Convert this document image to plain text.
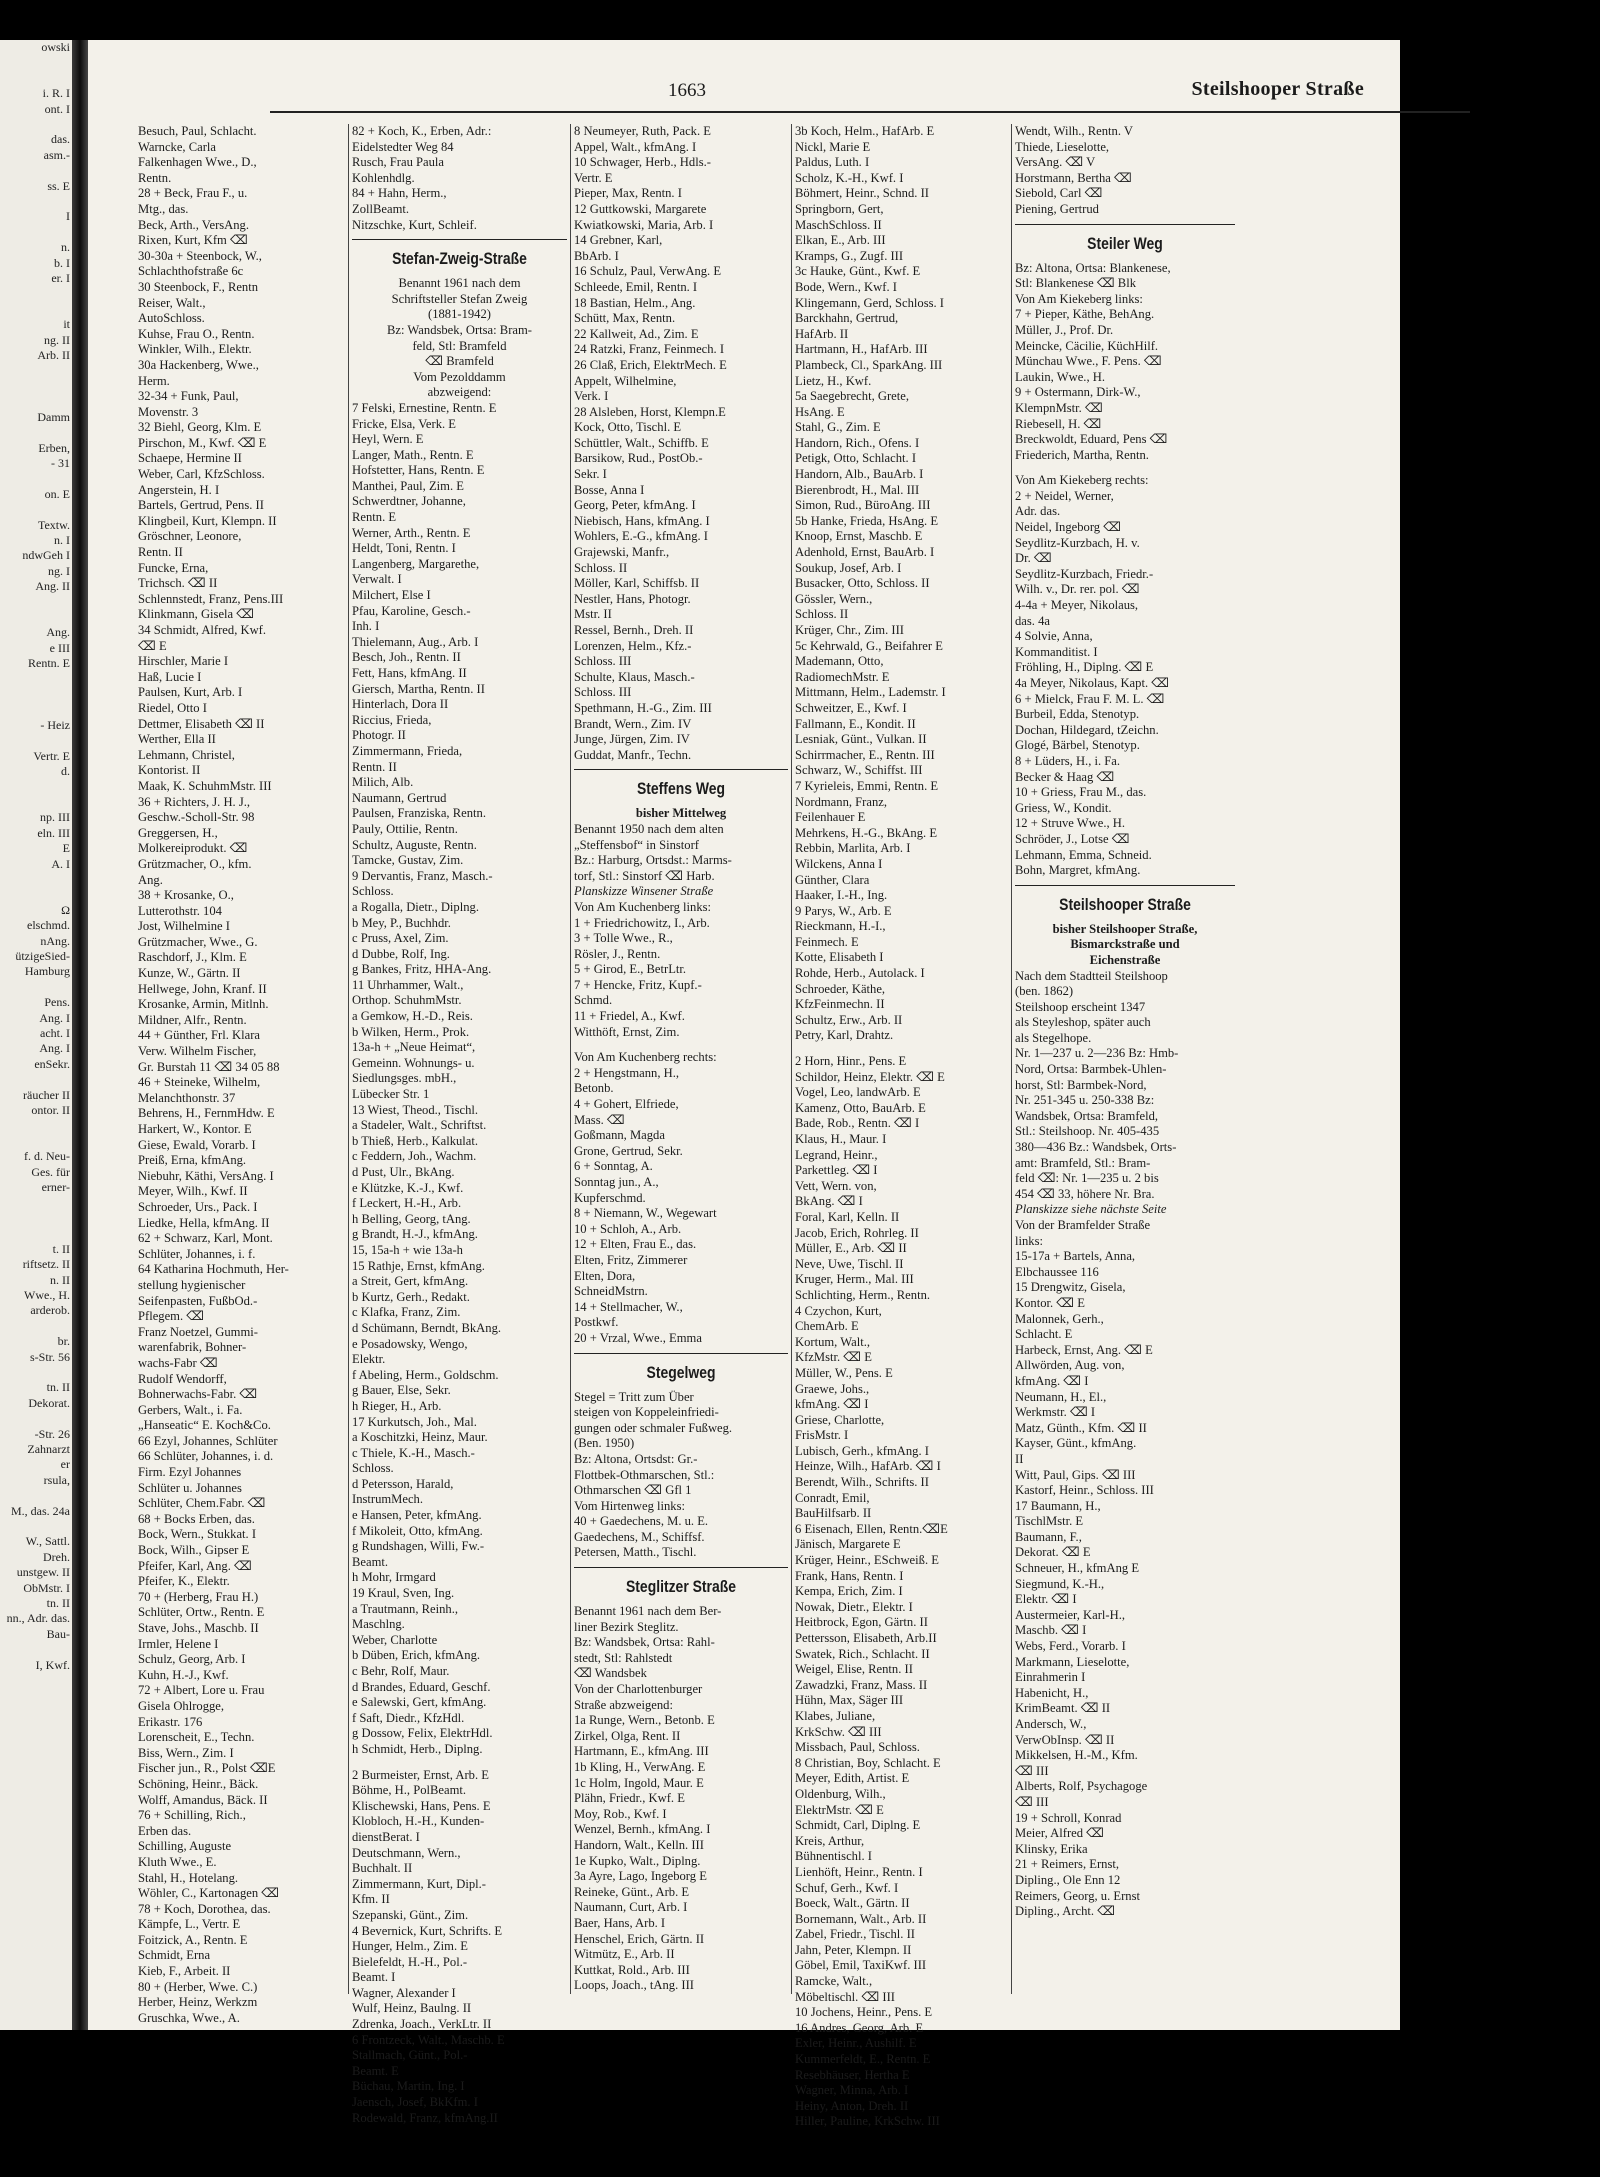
owski

i. R. I
ont. I

das.
asm.-

ss. E

I

n.
b. I
er. I

it
ng. II
Arb. II

Damm

Erben,
- 31

on. E

Textw.
n. I
ndwGeh I
ng. I
Ang. II

Ang.
e III
Rentn. E

- Heiz

Vertr. E
d.

np. III
eln. III
E
A. I

Ω
elschmd.
nAng.
ützigeSied-
Hamburg

Pens.
Ang. I
acht. I
Ang. I
enSekr.

räucher II
ontor. II

f. d. Neu-
Ges. für
erner-

t. II
riftsetz. II
n. II
Wwe., H.
arderob.

br.
s-Str. 56

tn. II
Dekorat.

-Str. 26
Zahnarzt
er
rsula,

M., das. 24a

W., Sattl.
Dreh.
unstgew. II
ObMstr. I
tn. II
nn., Adr. das.
Bau-

I, Kwf.
1663	Steilshooper Straße
Besuch, Paul, Schlacht.
Warncke, Carla
Falkenhagen Wwe., D.,
Rentn.
28 + Beck, Frau F., u.
Mtg., das.
Beck, Arth., VersAng.
Rixen, Kurt, Kfm ⌫
30-30a + Steenbock, W.,
Schlachthofstraße 6c
30 Steenbock, F., Rentn
Reiser, Walt.,
AutoSchloss.
Kuhse, Frau O., Rentn.
Winkler, Wilh., Elektr.
30a Hackenberg, Wwe.,
Herm.
32-34 + Funk, Paul,
Movenstr. 3
32 Biehl, Georg, Klm. E
Pirschon, M., Kwf. ⌫ E
Schaepe, Hermine II
Weber, Carl, KfzSchloss.
Angerstein, H. I
Bartels, Gertrud, Pens. II
Klingbeil, Kurt, Klempn. II
Gröschner, Leonore,
Rentn. II
Funcke, Erna,
Trichsch. ⌫ II
Schlennstedt, Franz, Pens.III
Klinkmann, Gisela ⌫
34 Schmidt, Alfred, Kwf.
⌫ E
Hirschler, Marie I
Haß, Lucie I
Paulsen, Kurt, Arb. I
Riedel, Otto I
Dettmer, Elisabeth ⌫ II
Werther, Ella II
Lehmann, Christel,
Kontorist. II
Maak, K. SchuhmMstr. III
36 + Richters, J. H. J.,
Geschw.-Scholl-Str. 98
Greggersen, H.,
Molkereiprodukt. ⌫
Grützmacher, O., kfm.
Ang.
38 + Krosanke, O.,
Lutterothstr. 104
Jost, Wilhelmine I
Grützmacher, Wwe., G.
Raschdorf, J., Klm. E
Kunze, W., Gärtn. II
Hellwege, John, Kranf. II
Krosanke, Armin, Mitlnh.
Mildner, Alfr., Rentn.
44 + Günther, Frl. Klara
Verw. Wilhelm Fischer,
Gr. Burstah 11 ⌫ 34 05 88
46 + Steineke, Wilhelm,
Melanchthonstr. 37
Behrens, H., FernmHdw. E
Harkert, W., Kontor. E
Giese, Ewald, Vorarb. I
Preiß, Erna, kfmAng.
Niebuhr, Käthi, VersAng. I
Meyer, Wilh., Kwf. II
Schroeder, Urs., Pack. I
Liedke, Hella, kfmAng. II
62 + Schwarz, Karl, Mont.
Schlüter, Johannes, i. f.
64 Katharina Hochmuth, Her-
stellung hygienischer
Seifenpasten, FußbOd.-
Pflegem. ⌫
Franz Noetzel, Gummi-
warenfabrik, Bohner-
wachs-Fabr ⌫
Rudolf Wendorff,
Bohnerwachs-Fabr. ⌫
Gerbers, Walt., i. Fa.
„Hanseatic“ E. Koch&Co.
66 Ezyl, Johannes, Schlüter
66 Schlüter, Johannes, i. d.
Firm. Ezyl Johannes
Schlüter u. Johannes
Schlüter, Chem.Fabr. ⌫
68 + Bocks Erben, das.
Bock, Wern., Stukkat. I
Bock, Wilh., Gipser E
Pfeifer, Karl, Ang. ⌫
Pfeifer, K., Elektr.
70 + (Herberg, Frau H.)
Schlüter, Ortw., Rentn. E
Stave, Johs., Maschb. II
Irmler, Helene I
Schulz, Georg, Arb. I
Kuhn, H.-J., Kwf.
72 + Albert, Lore u. Frau
Gisela Ohlrogge,
Erikastr. 176
Lorenscheit, E., Techn.
Biss, Wern., Zim. I
Fischer jun., R., Polst ⌫E
Schöning, Heinr., Bäck.
Wolff, Amandus, Bäck. II
76 + Schilling, Rich.,
Erben das.
Schilling, Auguste
Kluth Wwe., E.
Stahl, H., Hotelang.
Wöhler, C., Kartonagen ⌫
78 + Koch, Dorothea, das.
Kämpfe, L., Vertr. E
Foitzick, A., Rentn. E
Schmidt, Erna
Kieb, F., Arbeit. II
80 + (Herber, Wwe. C.)
Herber, Heinz, Werkzm
Gruschka, Wwe., A.
82 + Koch, K., Erben, Adr.:
Eidelstedter Weg 84
Rusch, Frau Paula
Kohlenhdlg.
84 + Hahn, Herm.,
ZollBeamt.
Nitzschke, Kurt, Schleif.
Stefan-Zweig-Straße
Benannt 1961 nach dem
Schriftsteller Stefan Zweig
(1881-1942)
Bz: Wandsbek, Ortsa: Bram-
feld, Stl: Bramfeld
⌫ Bramfeld
Vom Pezolddamm
abzweigend:
7 Felski, Ernestine, Rentn. E
Fricke, Elsa, Verk. E
Heyl, Wern. E
Langer, Math., Rentn. E
Hofstetter, Hans, Rentn. E
Manthei, Paul, Zim. E
Schwerdtner, Johanne,
Rentn. E
Werner, Arth., Rentn. E
Heldt, Toni, Rentn. I
Langenberg, Margarethe,
Verwalt. I
Milchert, Else I
Pfau, Karoline, Gesch.-
Inh. I
Thielemann, Aug., Arb. I
Besch, Joh., Rentn. II
Fett, Hans, kfmAng. II
Giersch, Martha, Rentn. II
Hinterlach, Dora II
Riccius, Frieda,
Photogr. II
Zimmermann, Frieda,
Rentn. II
Milich, Alb.
Naumann, Gertrud
Paulsen, Franziska, Rentn.
Pauly, Ottilie, Rentn.
Schultz, Auguste, Rentn.
Tamcke, Gustav, Zim.
9 Dervantis, Franz, Masch.-
Schloss.
a Rogalla, Dietr., Diplng.
b Mey, P., Buchhdr.
c Pruss, Axel, Zim.
d Dubbe, Rolf, Ing.
g Bankes, Fritz, HHA-Ang.
11 Uhrhammer, Walt.,
Orthop. SchuhmMstr.
a Gemkow, H.-D., Reis.
b Wilken, Herm., Prok.
13a-h + „Neue Heimat“,
Gemeinn. Wohnungs- u.
Siedlungsges. mbH.,
Lübecker Str. 1
13 Wiest, Theod., Tischl.
a Stadeler, Walt., Schriftst.
b Thieß, Herb., Kalkulat.
c Feddern, Joh., Wachm.
d Pust, Ulr., BkAng.
e Klützke, K.-J., Kwf.
f Leckert, H.-H., Arb.
h Belling, Georg, tAng.
g Brandt, H.-J., kfmAng.
15, 15a-h + wie 13a-h
15 Rathje, Ernst, kfmAng.
a Streit, Gert, kfmAng.
b Kurtz, Gerh., Redakt.
c Klafka, Franz, Zim.
d Schümann, Berndt, BkAng.
e Posadowsky, Wengo,
Elektr.
f Abeling, Herm., Goldschm.
g Bauer, Else, Sekr.
h Rieger, H., Arb.
17 Kurkutsch, Joh., Mal.
a Koschitzki, Heinz, Maur.
c Thiele, K.-H., Masch.-
Schloss.
d Petersson, Harald,
InstrumMech.
e Hansen, Peter, kfmAng.
f Mikoleit, Otto, kfmAng.
g Rundshagen, Willi, Fw.-
Beamt.
h Mohr, Irmgard
19 Kraul, Sven, Ing.
a Trautmann, Reinh.,
Maschlng.
Weber, Charlotte
b Düben, Erich, kfmAng.
c Behr, Rolf, Maur.
d Brandes, Eduard, Geschf.
e Salewski, Gert, kfmAng.
f Saft, Diedr., KfzHdl.
g Dossow, Felix, ElektrHdl.
h Schmidt, Herb., Diplng.
2 Burmeister, Ernst, Arb. E
Böhme, H., PolBeamt.
Klischewski, Hans, Pens. E
Klobloch, H.-H., Kunden-
dienstBerat. I
Deutschmann, Wern.,
Buchhalt. II
Zimmermann, Kurt, Dipl.-
Kfm. II
Szepanski, Günt., Zim.
4 Bevernick, Kurt, Schrifts. E
Hunger, Helm., Zim. E
Bielefeldt, H.-H., Pol.-
Beamt. I
Wagner, Alexander I
Wulf, Heinz, Baulng. II
Zdrenka, Joach., VerkLtr. II
6 Frontzeck, Walt., Maschb. E
Stallmach, Günt., Pol.-
Beamt. E
Büchau, Martin, Ing. I
Jaensch, Josef, BkKfm. I
Rodewald, Franz, kfmAng.II
8 Neumeyer, Ruth, Pack. E
Appel, Walt., kfmAng. I
10 Schwager, Herb., Hdls.-
Vertr. E
Pieper, Max, Rentn. I
12 Guttkowski, Margarete
Kwiatkowski, Maria, Arb. I
14 Grebner, Karl,
BbArb. I
16 Schulz, Paul, VerwAng. E
Schleede, Emil, Rentn. I
18 Bastian, Helm., Ang.
Schütt, Max, Rentn.
22 Kallweit, Ad., Zim. E
24 Ratzki, Franz, Feinmech. I
26 Claß, Erich, ElektrMech. E
Appelt, Wilhelmine,
Verk. I
28 Alsleben, Horst, Klempn.E
Kock, Otto, Tischl. E
Schüttler, Walt., Schiffb. E
Barsikow, Rud., PostOb.-
Sekr. I
Bosse, Anna I
Georg, Peter, kfmAng. I
Niebisch, Hans, kfmAng. I
Wohlers, E.-G., kfmAng. I
Grajewski, Manfr.,
Schloss. II
Möller, Karl, Schiffsb. II
Nestler, Hans, Photogr.
Mstr. II
Ressel, Bernh., Dreh. II
Lorenzen, Helm., Kfz.-
Schloss. III
Schulte, Klaus, Masch.-
Schloss. III
Spethmann, H.-G., Zim. III
Brandt, Wern., Zim. IV
Junge, Jürgen, Zim. IV
Guddat, Manfr., Techn.
Steffens Weg
bisher Mittelweg
Benannt 1950 nach dem alten
„Steffensbof“ in Sinstorf
Bz.: Harburg, Ortsdst.: Marms-
torf, Stl.: Sinstorf ⌫ Harb.
Planskizze Winsener Straße
Von Am Kuchenberg links:
1 + Friedrichowitz, I., Arb.
3 + Tolle Wwe., R.,
Rösler, J., Rentn.
5 + Girod, E., BetrLtr.
7 + Hencke, Fritz, Kupf.-
Schmd.
11 + Friedel, A., Kwf.
Witthöft, Ernst, Zim.
Von Am Kuchenberg rechts:
2 + Hengstmann, H.,
Betonb.
4 + Gohert, Elfriede,
Mass. ⌫
Goßmann, Magda
Grone, Gertrud, Sekr.
6 + Sonntag, A.
Sonntag jun., A.,
Kupferschmd.
8 + Niemann, W., Wegewart
10 + Schloh, A., Arb.
12 + Elten, Frau E., das.
Elten, Fritz, Zimmerer
Elten, Dora,
SchneidMstrn.
14 + Stellmacher, W.,
Postkwf.
20 + Vrzal, Wwe., Emma
Stegelweg
Stegel = Tritt zum Über
steigen von Koppeleinfriedi-
gungen oder schmaler Fußweg.
(Ben. 1950)
Bz: Altona, Ortsdst: Gr.-
Flottbek-Othmarschen, Stl.:
Othmarschen ⌫ Gfl 1
Vom Hirtenweg links:
40 + Gaedechens, M. u. E.
Gaedechens, M., Schiffsf.
Petersen, Matth., Tischl.
Steglitzer Straße
Benannt 1961 nach dem Ber-
liner Bezirk Steglitz.
Bz: Wandsbek, Ortsa: Rahl-
stedt, Stl: Rahlstedt
⌫ Wandsbek
Von der Charlottenburger
Straße abzweigend:
1a Runge, Wern., Betonb. E
Zirkel, Olga, Rent. II
Hartmann, E., kfmAng. III
1b Kling, H., VerwAng. E
1c Holm, Ingold, Maur. E
Plähn, Friedr., Kwf. E
Moy, Rob., Kwf. I
Wenzel, Bernh., kfmAng. I
Handorn, Walt., Kelln. III
1e Kupko, Walt., Diplng.
3a Ayre, Lago, Ingeborg E
Reineke, Günt., Arb. E
Naumann, Curt, Arb. I
Baer, Hans, Arb. I
Henschel, Erich, Gärtn. II
Witmütz, E., Arb. II
Kuttkat, Rold., Arb. III
Loops, Joach., tAng. III
3b Koch, Helm., HafArb. E
Nickl, Marie E
Paldus, Luth. I
Scholz, K.-H., Kwf. I
Böhmert, Heinr., Schnd. II
Springborn, Gert,
MaschSchloss. II
Elkan, E., Arb. III
Kramps, G., Zugf. III
3c Hauke, Günt., Kwf. E
Bode, Wern., Kwf. I
Klingemann, Gerd, Schloss. I
Barckhahn, Gertrud,
HafArb. II
Hartmann, H., HafArb. III
Plambeck, Cl., SparkAng. III
Lietz, H., Kwf.
5a Saegebrecht, Grete,
HsAng. E
Stahl, G., Zim. E
Handorn, Rich., Ofens. I
Petigk, Otto, Schlacht. I
Handorn, Alb., BauArb. I
Bierenbrodt, H., Mal. III
Simon, Rud., BüroAng. III
5b Hanke, Frieda, HsAng. E
Knoop, Ernst, Maschb. E
Adenhold, Ernst, BauArb. I
Soukup, Josef, Arb. I
Busacker, Otto, Schloss. II
Gössler, Wern.,
Schloss. II
Krüger, Chr., Zim. III
5c Kehrwald, G., Beifahrer E
Mademann, Otto,
RadiomechMstr. E
Mittmann, Helm., Lademstr. I
Schweitzer, E., Kwf. I
Fallmann, E., Kondit. II
Lesniak, Günt., Vulkan. II
Schirrmacher, E., Rentn. III
Schwarz, W., Schiffst. III
7 Kyrieleis, Emmi, Rentn. E
Nordmann, Franz,
Feilenhauer E
Mehrkens, H.-G., BkAng. E
Rebbin, Marlita, Arb. I
Wilckens, Anna I
Günther, Clara
Haaker, I.-H., Ing.
9 Parys, W., Arb. E
Rieckmann, H.-I.,
Feinmech. E
Kotte, Elisabeth I
Rohde, Herb., Autolack. I
Schroeder, Käthe,
KfzFeinmechn. II
Schultz, Erw., Arb. II
Petry, Karl, Drahtz.
2 Horn, Hinr., Pens. E
Schildor, Heinz, Elektr. ⌫ E
Vogel, Leo, landwArb. E
Kamenz, Otto, BauArb. E
Bade, Rob., Rentn. ⌫ I
Klaus, H., Maur. I
Legrand, Heinr.,
Parkettleg. ⌫ I
Vett, Wern. von,
BkAng. ⌫ I
Foral, Karl, Kelln. II
Jacob, Erich, Rohrleg. II
Müller, E., Arb. ⌫ II
Neve, Uwe, Tischl. II
Kruger, Herm., Mal. III
Schlichting, Herm., Rentn.
4 Czychon, Kurt,
ChemArb. E
Kortum, Walt.,
KfzMstr. ⌫ E
Müller, W., Pens. E
Graewe, Johs.,
kfmAng. ⌫ I
Griese, Charlotte,
FrisMstr. I
Lubisch, Gerh., kfmAng. I
Heinze, Wilh., HafArb. ⌫ I
Berendt, Wilh., Schrifts. II
Conradt, Emil,
BauHilfsarb. II
6 Eisenach, Ellen, Rentn.⌫E
Jänisch, Margarete E
Krüger, Heinr., ESchweiß. E
Frank, Hans, Rentn. I
Kempa, Erich, Zim. I
Nowak, Dietr., Elektr. I
Heitbrock, Egon, Gärtn. II
Pettersson, Elisabeth, Arb.II
Swatek, Rich., Schlacht. II
Weigel, Elise, Rentn. II
Zawadzki, Franz, Mass. II
Hühn, Max, Säger III
Klabes, Juliane,
KrkSchw. ⌫ III
Missbach, Paul, Schloss.
8 Christian, Boy, Schlacht. E
Meyer, Edith, Artist. E
Oldenburg, Wilh.,
ElektrMstr. ⌫ E
Schmidt, Carl, Diplng. E
Kreis, Arthur,
Bühnentischl. I
Lienhöft, Heinr., Rentn. I
Schuf, Gerh., Kwf. I
Boeck, Walt., Gärtn. II
Bornemann, Walt., Arb. II
Zabel, Friedr., Tischl. II
Jahn, Peter, Klempn. II
Göbel, Emil, TaxiKwf. III
Ramcke, Walt.,
Möbeltischl. ⌫ III
10 Jochens, Heinr., Pens. E
16 Andres, Georg, Arb. E
Exler, Heinr., Aushilf. E
Kummerfeldt, E., Rentn. E
Resebhäuser, Hertha E
Wagner, Minna, Arb. I
Heiny, Anton, Dreh. II
Hiller, Pauline, KrkSchw. III
Wendt, Wilh., Rentn. V
Thiede, Lieselotte,
VersAng. ⌫ V
Horstmann, Bertha ⌫
Siebold, Carl ⌫
Piening, Gertrud
Steiler Weg
Bz: Altona, Ortsa: Blankenese,
Stl: Blankenese ⌫ Blk
Von Am Kiekeberg links:
7 + Pieper, Käthe, BehAng.
Müller, J., Prof. Dr.
Meincke, Cäcilie, KüchHilf.
Münchau Wwe., F. Pens. ⌫
Laukin, Wwe., H.
9 + Ostermann, Dirk-W.,
KlempnMstr. ⌫
Riebesell, H. ⌫
Breckwoldt, Eduard, Pens ⌫
Friederich, Martha, Rentn.
Von Am Kiekeberg rechts:
2 + Neidel, Werner,
Adr. das.
Neidel, Ingeborg ⌫
Seydlitz-Kurzbach, H. v.
Dr. ⌫
Seydlitz-Kurzbach, Friedr.-
Wilh. v., Dr. rer. pol. ⌫
4-4a + Meyer, Nikolaus,
das. 4a
4 Solvie, Anna,
Kommanditist. I
Fröhling, H., Diplng. ⌫ E
4a Meyer, Nikolaus, Kapt. ⌫
6 + Mielck, Frau F. M. L. ⌫
Burbeil, Edda, Stenotyp.
Dochan, Hildegard, tZeichn.
Glogé, Bärbel, Stenotyp.
8 + Lüders, H., i. Fa.
Becker & Haag ⌫
10 + Griess, Frau M., das.
Griess, W., Kondit.
12 + Struve Wwe., H.
Schröder, J., Lotse ⌫
Lehmann, Emma, Schneid.
Bohn, Margret, kfmAng.
Steilshooper Straße
bisher Steilshooper Straße,
Bismarckstraße und
Eichenstraße
Nach dem Stadtteil Steilshoop
(ben. 1862)
Steilshoop erscheint 1347
als Steyleshop, später auch
als Stegelhope.
Nr. 1—237 u. 2—236 Bz: Hmb-
Nord, Ortsa: Barmbek-Uhlen-
horst, Stl: Barmbek-Nord,
Nr. 251-345 u. 250-338 Bz:
Wandsbek, Ortsa: Bramfeld,
Stl.: Steilshoop. Nr. 405-435
380—436 Bz.: Wandsbek, Orts-
amt: Bramfeld, Stl.: Bram-
feld ⌫: Nr. 1—235 u. 2 bis
454 ⌫ 33, höhere Nr. Bra.
Planskizze siehe nächste Seite
Von der Bramfelder Straße
links:
15-17a + Bartels, Anna,
Elbchaussee 116
15 Drengwitz, Gisela,
Kontor. ⌫ E
Malonnek, Gerh.,
Schlacht. E
Harbeck, Ernst, Ang. ⌫ E
Allwörden, Aug. von,
kfmAng. ⌫ I
Neumann, H., El.,
Werkmstr. ⌫ I
Matz, Günth., Kfm. ⌫ II
Kayser, Günt., kfmAng.
II
Witt, Paul, Gips. ⌫ III
Kastorf, Heinr., Schloss. III
17 Baumann, H.,
TischlMstr. E
Baumann, F.,
Dekorat. ⌫ E
Schneuer, H., kfmAng E
Siegmund, K.-H.,
Elektr. ⌫ I
Austermeier, Karl-H.,
Maschb. ⌫ I
Webs, Ferd., Vorarb. I
Markmann, Lieselotte,
Einrahmerin I
Habenicht, H.,
KrimBeamt. ⌫ II
Andersch, W.,
VerwObInsp. ⌫ II
Mikkelsen, H.-M., Kfm.
⌫ III
Alberts, Rolf, Psychagoge
⌫ III
19 + Schroll, Konrad
Meier, Alfred ⌫
Klinsky, Erika
21 + Reimers, Ernst,
Dipling., Ole Enn 12
Reimers, Georg, u. Ernst
Dipling., Archt. ⌫
